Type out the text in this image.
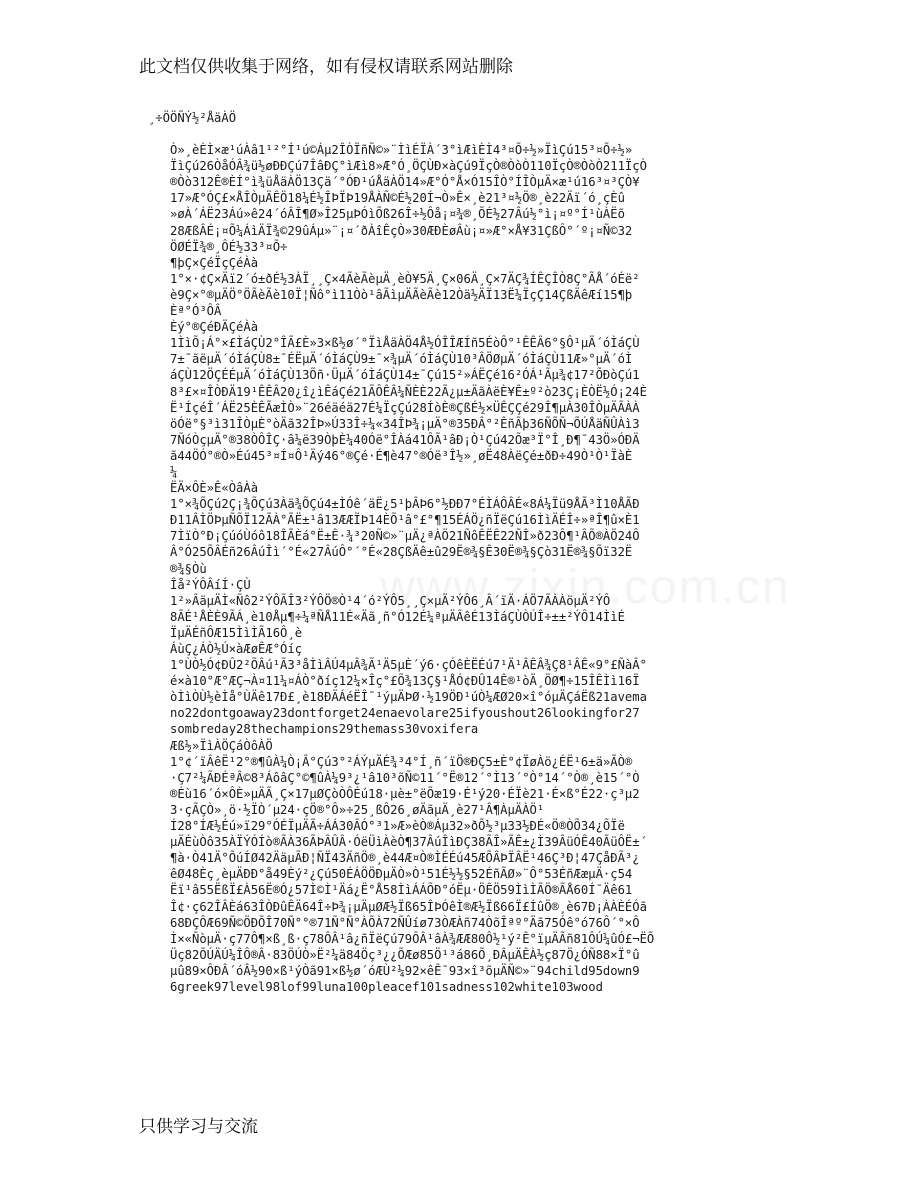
此文档仅供收集于网络，如有侵权请联系网站删除
¸÷ÖÖÑÝ½²ÅäÀÖ
Ò»¸èÈÌ×æ¹úÀâ1¹²°Í¹ú©Áµ2ÎÒÏñÑ©»¨ÌìÉÏÀ´3°ìÆìÈÌ4³¤Õ÷½»ÏìÇú15³¤Õ÷½»
ÏìÇú26ÒåÓÂ¾ü½øÐÐÇú7ÎâÐÇ°ìÆì8»Æ°Ó¸ÖÇÙÐ×àÇú9ÏçÒ®ÒòÒ110ÏçÒ®ÒòÒ211ÏçÒ
®Òò312Ê®ÈÍ°ì¾üÅäÀÖ13Çä´°ÓÐ¹úÅäÀÖ14»Æ°Ó°Å×Ó15ÎÒ°ÍÎÒµÄ×æ¹ú16³¤³ÇÒ¥
17»Æ°ÓÇ£×ÅÎÒµÄÊÖ18¼É½ÎÞÏÞ19ÅÀÑ©É½20Í¬Ò»Ê×¸è21³¤½Ö®¸è22Äï´ó¸çÈû
»øÀ´ÁË23Áú»ê24´óÂÎ¶Ø»Î25µÞÓìÕß26Î÷½Ôå¡¤¾®¸ÕÉ½27Âú½°ì¡¤º°Í¹ùÀËõ
28ÆßÂÉ¡¤Õ¼ÁìÄÏ¾©29ûÁµ»¨¡¤´ðÀîÊçÒ»30ÆÐÈøÂù¡¤»Æ°×Å¥31ÇßÔ°´º¡¤Ñ©32
ÖØÉÏ¾®¸ÔÉ½33³¤Õ÷
¶þÇ×ÇéÏçÇéÀà
1°×·¢Ç×Äï2´ó±ðÉ½3ÀÏ¸¸Ç×4ÃèÃèµÄ¸èÒ¥5Ä¸Ç×06Ä¸Ç×7ÄÇ¾ÍÊÇÎÒ8Ç°ÃÅ´óÉë²
è9Ç×°®µÄÖ°ÖÃèÃè10Ï¦Ñô°ì11Òò¹âÃìµÄÃèÃè12Òä½ÄÏ13Ë¼ÏçÇ14ÇßÄêÆí15¶þ
Èª°Ó³ÔÂ
Èý°®ÇéÐÄÇéÀà
1ÌìÕ¡Á°×£ÌáÇÙ2°ÎÃ£È»3×ß½ø´°ÏìÅäÀÖ4Å½ÓÎÎÆÍñ5ÉòÔ°¹ÊÊÂ6°§Ô¹µÄ´óÌáÇÙ
7±¯ãëµÄ´óÌáÇÙ8±¯ÉËµÄ´óÌáÇÙ9±¯×¾µÄ´óÌáÇÙ10³ÂÖØµÄ´óÌáÇÙ11Æ»°µÄ´óÌ
áÇÙ12ÖÇÉÉµÄ´óÌáÇÙ13Õñ·ÜµÄ´óÌáÇÙ14±¯Çú15²»ÁËÇé16²ÓÁ¹Ãµ¾¢17²ÕÐòÇú1
8³£×¤ÎÒÐÄ19¹ÊÊÂ20¿î¿ìÊáÇé21ÃÔÊÂ¼ÑÈÈ22Ã¿µ±ÄãÀëÈ¥Ê±º²ò23Ç¡ÈÒË½Ó¡24È
Ë¹ÍçéÎ´ÁË25ÈÊÃæÌÒ»¨26éäéä27É¼ÏçÇú28ÍòÈ®ÇßÉ½×ÜÊÇÇé29Î¶µÀ30ÎÒµÄÃÀÀ
öÓë°§³ì31ÎÒµÈ°òÄã32ÎÞ»Ú33Î÷¼«34ÎÞ¾¡µÄ°®35ÐÂ°²ÊñÃþ36ÑÕÑ¬ÕÚÅäÑÛÀì3
7ÑóÒçµÄ°®38ÒÔÎÇ·â¼ë39ÒþÈ¼40Óë°ÎÀá41ÔÃ¹âÐ¡Ò¹Çú42Õæ³Ï°Î¸Ð¶¯43Ö»ÓÐÄ
ã44ÖÓ°®Ò»Éú45³¤Í¤Ô¹Äý46°®Çé·É¶è47°®Óë³Î½»¸øË48ÀëÇé±ðÐ÷49Ò¹Ò¹ÏàÈ
¼
ËÄ×ÔÈ»Ê«ÒâÀà
1°×¾ÕÇú2Ç¡¾ÕÇú3Àä¾ÕÇú4±ÌÓê´äË¿5¹þÂÞ6°½ÐÐ7°ÉÌÁÔÂÉ«8Á¼Ïü9ÅÃ³Ì10ÅÃÐ
Ð11ÂÌÖÞµÑÕÏ12ÃÀ°ÃË±¹â13ÆÆÏÞ14ÈÕ¹â°£°¶15ÉÁÖ¿ñÏëÇú16ÌìÄÉÎ÷»ªÎ¶û×È1
7ÌïÒ°Ð¡ÇúóÙóô18ÎÃÈá°Ë±Ê·¾³20Ñ©»¨µÄ¿ªÀÖ21ÑôÊËÊ22ÑÎ»ð23Ô¶¹ÂÕ®ÀÖ24Ô
Â°Ó25ÕÂÉñ26ÂúÎì´°É«27ÂúÔ°´°É«28ÇßÄê±û29Ë®¾§Ê30Ë®¾§Çò31Ë®¾§Õï32Ë
®¾§Òù
Îå²ÝÔÂíÍ·ÇÙ
1²»ÂäµÄÌ«Ñô2²ÝÔÃÎ3²ÝÔÖ®Ò¹4´ó²ÝÔ5¸¸Ç×µÄ²ÝÔ6¸Â´ïÄ·ÁÖ7ÃÀÀöµÄ²ÝÔ
8ÃÉ¹ÅÈÈ9ÃÁ¸è10Åµ¶÷¼ªÑÅ11É«Äã¸ñ°Ó12É¼ªµÄÂêÉ13ÌáÇÙÒÚÎ÷±±²ÝÔ14ÌìÉ
ÏµÄÉñÔÆ15ÌìÌÃ16Ô¸è
ÁùÇ¿ÁÒ½Ú×àÆøÊÆ°Óíç
1°ÙÒ½Ó¢ÐÛ2²ÕÂú¹Ã3³åÌìÂÚ4µÂ¾Ã¹Ä5µÈ´ý6·çÓêÈËÉú7¹Ä¹ÂÊÂ¾Ç8¹ÂÊ«9°£ÑàÂ°
é×à10°Æ°ÆÇ¬À¤11¼¤ÁÒ°ðíç12¼×Îç°£Õ¾13Ç§¹ÅÓ¢ÐÛ14Ê®¹òÄ¸ÖØ¶÷15ÎÊÌì16Ï
òÌìÒÙ½èÌå°ÙÄê17Ð£¸è18ÐÄÁéËÎ¯¹ýµÄÞØ·½19ÖÐ¹úÒ¼ÆØ20×î°óµÄÇáËß21avema
no22dontgoaway23dontforget24enaevolare25ifyoushout26lookingfor27
sombreday28thechampions29themass30voxifera
Æß½»ÏìÀÖÇáÒôÀÖ
1°¢´ïÂêË¹2°®¶ûÀ¼Ò¡Â°Çú3°²ÁÝµÄÉ¾³4°Í¸ñ´ïÖ®ÐÇ5±È°¢ÏøÀö¿ÉË¹6±ä»ÃÒ®
·Ç7²¼ÃÐÉªÂ©8³ÁôâÇ°©¶ûÀ¼9³¿¹â10³õÑ©11´°Ë®12´°Ì13´°Ò°14´°Ò®¸è15´°Ò
®Éù16´ó×ÔÈ»µÄÃ¸Ç×17µØÇòÒÔÉú18·µè±°ëÕæ19·É¹ý20·ÉÏè21·É×ß°É22·ç³µ2
3·çÃÇÒ»¸ö·½ÏÒ´µ24·çÖ®°Ô»÷25¸ßÔ26¸øÄãµÄ¸è27¹Â¶ÀµÄÀÖ¹
Í28°ÍÆ½Éú»ï29°ÓÉÏµÄÃ÷ÁÁ30ÂÓ°³1»Æ»èÒ®Áµ32»ðÕ½³µ33½ÐÉ«Ö®ÒÕ34¿ÕÏë
µÄÉùÒô35ÀÏÝÓÍò®ÃÀ36ÃÞÂÛÂ·ÓëÜìÀèÒ¶37ÂúÎìÐÇ38ÃÎ»ÃÊ±¿Ì39ÂüÓÊ40ÃüÔË±´
¶à·Ò41Ä°ÕúÍØ42ÄäµÃÐ¦ÑÏ43ÄñÖ®¸è44Æ¤Ò®ÌÉÉú45ÆÕÂÞÏÂË¹46Ç³Ð¦47ÇåÐÃ³¿
êØ48Èç¸èµÄÐÐ°å49Èý²¿Çú50ÉÁÖÖÐµÄÒ»Ò¹51É½½§52ÉñÃØ»¨Ô°53ÉñÆæµÄ·ç54
Ëï¹â55ËßÏ£À56Ë®Ó¿57Ì©Ì¹Äá¿Ë°Å58ÌìÁÁÕÐ°óËµ·ÖÊÖ59ÌìÌÃÖ®ÃÅ60Í¯Äê61
Î¢·ç62ÎÂÈá63ÎÒÐûÊÄ64Î÷Þ¾¡µÄµØÆ½Ïß65ÎÞÓêÌ®Æ½Ïß66Ï£ÍûÖ®¸è67Ð¡ÀÀÈÉÓã
68ÐÇÔÆ69Ñ©ÖÐÕÎ70Ñ°°®71Ñ°Ñ°ÀÕÀ72ÑÛíø73ÒÆÀñ74ÒõÎªº°Äã75Óê°ó76Ô´°×Ô
Ì×«ÑòµÄ·ç77Ô¶×ß¸ß·ç78ÔÂ¹â¿ñÏëÇú79ÔÂ¹âÀ¾ÆÆ80Ô½¹ý²Ê°ïµÄÃñ81ÔÚ¼ûÓ£¬ËÕ
Üç82ÕÚÄÚ¼ÎÔ®Â·83ÖÚÒ»Ë²¼ä84Öç³¿¿ÕÆø85Ö¹³á86Õ¸ÐÂµÄÊÀ½ç87Ö¿ÓÑ88×Ï°û
µû89×ÔÐÂ´óÂ½90×ß¹ýÒã91×ß½ø´óÆÙ²¼92×êÊ¯93×î³õµÄÑ©»¨94child95down9
6greek97level98lof99luna100pleacef101sadness102white103wood
只供学习与交流
